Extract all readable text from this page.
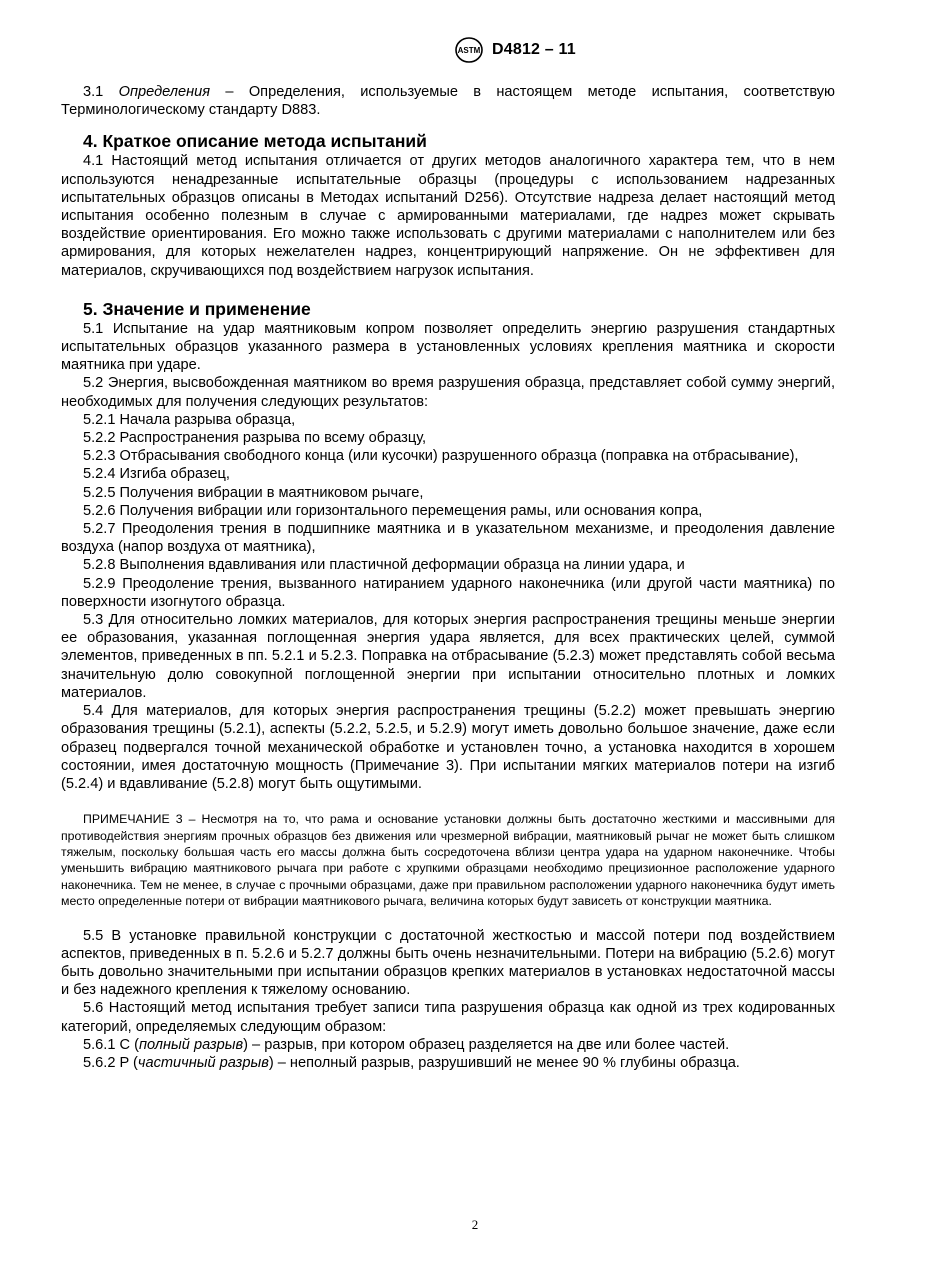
ASTM D4812 – 11

3.1 Определения – Определения, используемые в настоящем методе испытания, соответствую Терминологическому стандарту D883.

4. Краткое описание метода испытаний

4.1 Настоящий метод испытания отличается от других методов аналогичного характера тем, что в нем используются ненадрезанные испытательные образцы (процедуры с использованием надрезанных испытательных образцов описаны в Методах испытаний D256). Отсутствие надреза делает настоящий метод испытания особенно полезным в случае с армированными материалами, где надрез может скрывать воздействие ориентирования. Его можно также использовать с другими материалами с наполнителем или без армирования, для которых нежелателен надрез, концентрирующий напряжение. Он не эффективен для материалов, скручивающихся под воздействием нагрузок испытания.

5. Значение и применение

5.1 Испытание на удар маятниковым копром позволяет определить энергию разрушения стандартных испытательных образцов указанного размера в установленных условиях крепления маятника и скорости маятника при ударе.

5.2 Энергия, высвобожденная маятником во время разрушения образца, представляет собой сумму энергий, необходимых для получения следующих результатов:

5.2.1 Начала разрыва образца,

5.2.2 Распространения разрыва по всему образцу,

5.2.3 Отбрасывания свободного конца (или кусочки) разрушенного образца (поправка на отбрасывание),

5.2.4 Изгиба образец,

5.2.5 Получения вибрации в маятниковом рычаге,

5.2.6 Получения вибрации или горизонтального перемещения рамы, или основания копра,

5.2.7 Преодоления трения в подшипнике маятника и в указательном механизме, и преодоления давление воздуха (напор воздуха от маятника),

5.2.8 Выполнения вдавливания или пластичной деформации образца на линии удара, и

5.2.9 Преодоление трения, вызванного натиранием ударного наконечника (или другой части маятника) по поверхности изогнутого образца.

5.3 Для относительно ломких материалов, для которых энергия распространения трещины меньше энергии ее образования, указанная поглощенная энергия удара является, для всех практических целей, суммой элементов, приведенных в пп. 5.2.1 и 5.2.3. Поправка на отбрасывание (5.2.3) может представлять собой весьма значительную долю совокупной поглощенной энергии при испытании относительно плотных и ломких материалов.

5.4 Для материалов, для которых энергия распространения трещины (5.2.2) может превышать энергию образования трещины (5.2.1), аспекты (5.2.2, 5.2.5, и 5.2.9) могут иметь довольно большое значение, даже если образец подвергался точной механической обработке и установлен точно, а установка находится в хорошем состоянии, имея достаточную мощность (Примечание 3). При испытании мягких материалов потери на изгиб (5.2.4) и вдавливание (5.2.8) могут быть ощутимыми.

ПРИМЕЧАНИЕ 3 – Несмотря на то, что рама и основание установки должны быть достаточно жесткими и массивными для противодействия энергиям прочных образцов без движения или чрезмерной вибрации, маятниковый рычаг не может быть слишком тяжелым, поскольку большая часть его массы должна быть сосредоточена вблизи центра удара на ударном наконечнике. Чтобы уменьшить вибрацию маятникового рычага при работе с хрупкими образцами необходимо прецизионное расположение ударного наконечника. Тем не менее, в случае с прочными образцами, даже при правильном расположении ударного наконечника будут иметь место определенные потери от вибрации маятникового рычага, величина которых будут зависеть от конструкции маятника.

5.5 В установке правильной конструкции с достаточной жесткостью и массой потери под воздействием аспектов, приведенных в п. 5.2.6 и 5.2.7 должны быть очень незначительными. Потери на вибрацию (5.2.6) могут быть довольно значительными при испытании образцов крепких материалов в установках недостаточной массы и без надежного крепления к тяжелому основанию.

5.6 Настоящий метод испытания требует записи типа разрушения образца как одной из трех кодированных категорий, определяемых следующим образом:

5.6.1 C (полный разрыв) – разрыв, при котором образец разделяется на две или более частей.

5.6.2 P (частичный разрыв) – неполный разрыв, разрушивший не менее 90 % глубины образца.

2
